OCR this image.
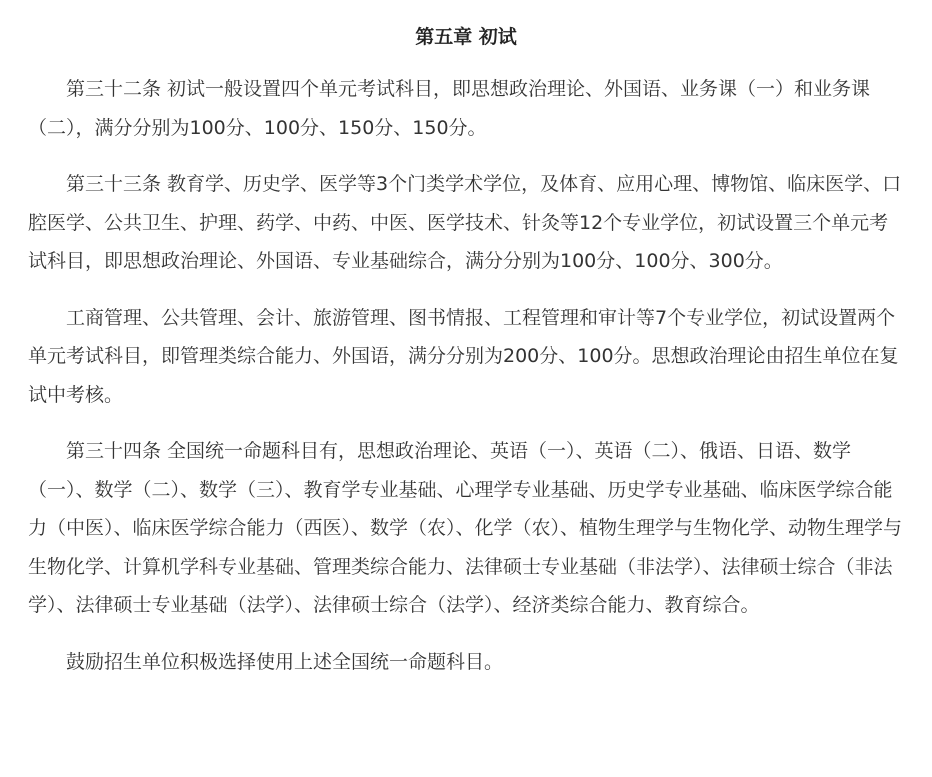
第五章 初试

第三十二条 初试一般设置四个单元考试科目，即思想政治理论、外国语、业务课（一）和业务课（二），满分分别为100分、100分、150分、150分。

第三十三条 教育学、历史学、医学等3个门类学术学位，及体育、应用心理、博物馆、临床医学、口腔医学、公共卫生、护理、药学、中药、中医、医学技术、针灸等12个专业学位，初试设置三个单元考试科目，即思想政治理论、外国语、专业基础综合，满分分别为100分、100分、300分。

工商管理、公共管理、会计、旅游管理、图书情报、工程管理和审计等7个专业学位，初试设置两个单元考试科目，即管理类综合能力、外国语，满分分别为200分、100分。思想政治理论由招生单位在复试中考核。

第三十四条 全国统一命题科目有，思想政治理论、英语（一）、英语（二）、俄语、日语、数学（一）、数学（二）、数学（三）、教育学专业基础、心理学专业基础、历史学专业基础、临床医学综合能力（中医）、临床医学综合能力（西医）、数学（农）、化学（农）、植物生理学与生物化学、动物生理学与生物化学、计算机学科专业基础、管理类综合能力、法律硕士专业基础（非法学）、法律硕士综合（非法学）、法律硕士专业基础（法学）、法律硕士综合（法学）、经济类综合能力、教育综合。

鼓励招生单位积极选择使用上述全国统一命题科目。
